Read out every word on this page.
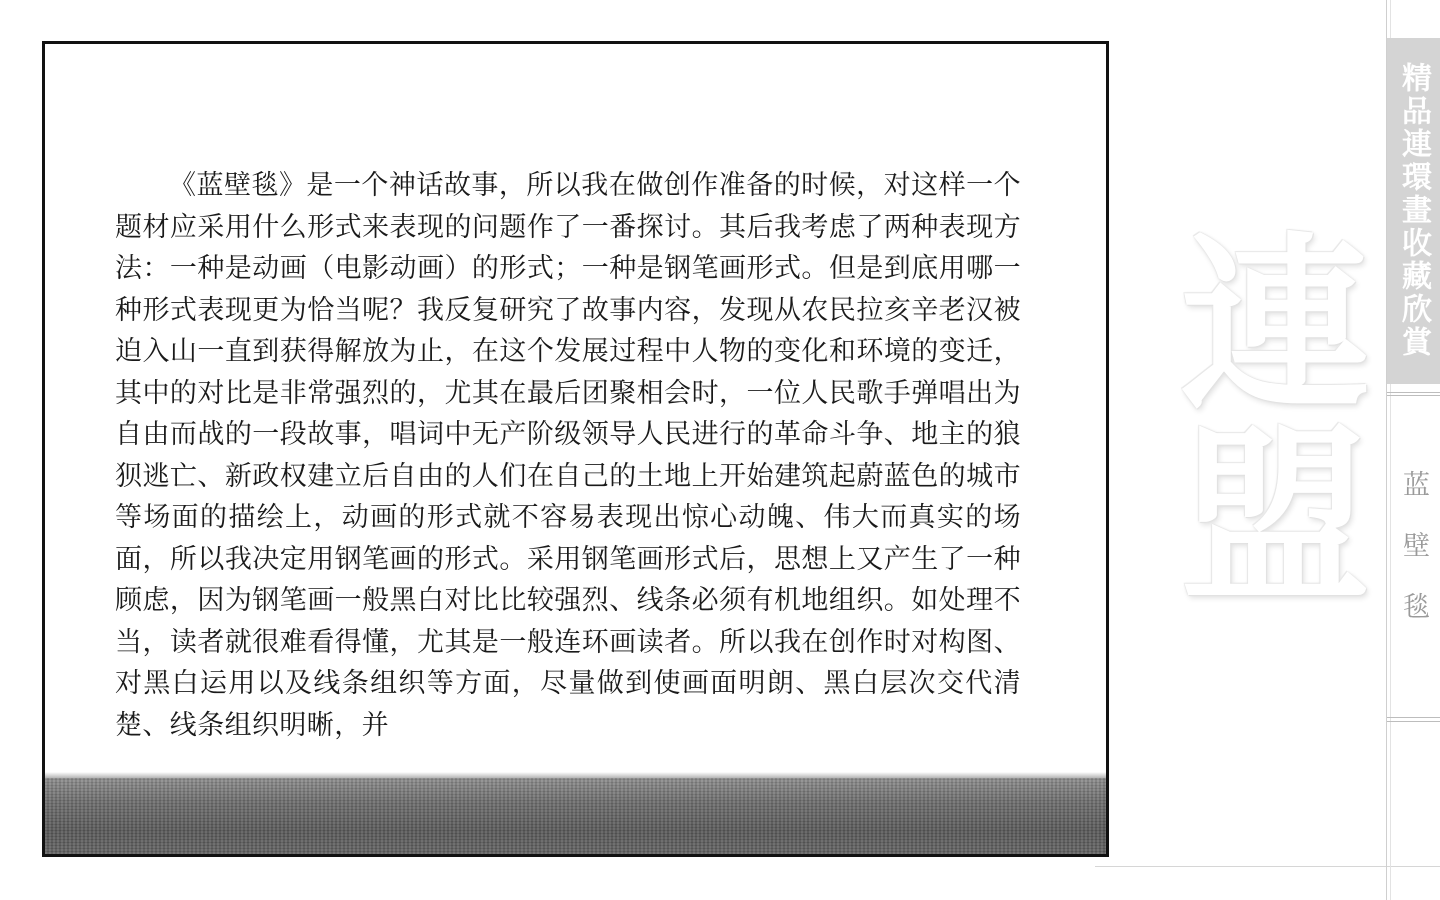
《蓝壁毯》是一个神话故事，所以我在做创作准备的时候，对这样一个题材应采用什么形式来表现的问题作了一番探讨。其后我考虑了两种表现方法：一种是动画（电影动画）的形式；一种是钢笔画形式。但是到底用哪一种形式表现更为恰当呢？我反复研究了故事内容，发现从农民拉亥辛老汉被迫入山一直到获得解放为止，在这个发展过程中人物的变化和环境的变迁，其中的对比是非常强烈的，尤其在最后团聚相会时，一位人民歌手弹唱出为自由而战的一段故事，唱词中无产阶级领导人民进行的革命斗争、地主的狼狈逃亡、新政权建立后自由的人们在自己的土地上开始建筑起蔚蓝色的城市等场面的描绘上，动画的形式就不容易表现出惊心动魄、伟大而真实的场面，所以我决定用钢笔画的形式。采用钢笔画形式后，思想上又产生了一种顾虑，因为钢笔画一般黑白对比比较强烈、线条必须有机地组织。如处理不当，读者就很难看得懂，尤其是一般连环画读者。所以我在创作时对构图、对黑白运用以及线条组织等方面，尽量做到使画面明朗、黑白层次交代清楚、线条组织明晰，并

連盟

精品連環畫收藏欣賞

蓝壁毯
